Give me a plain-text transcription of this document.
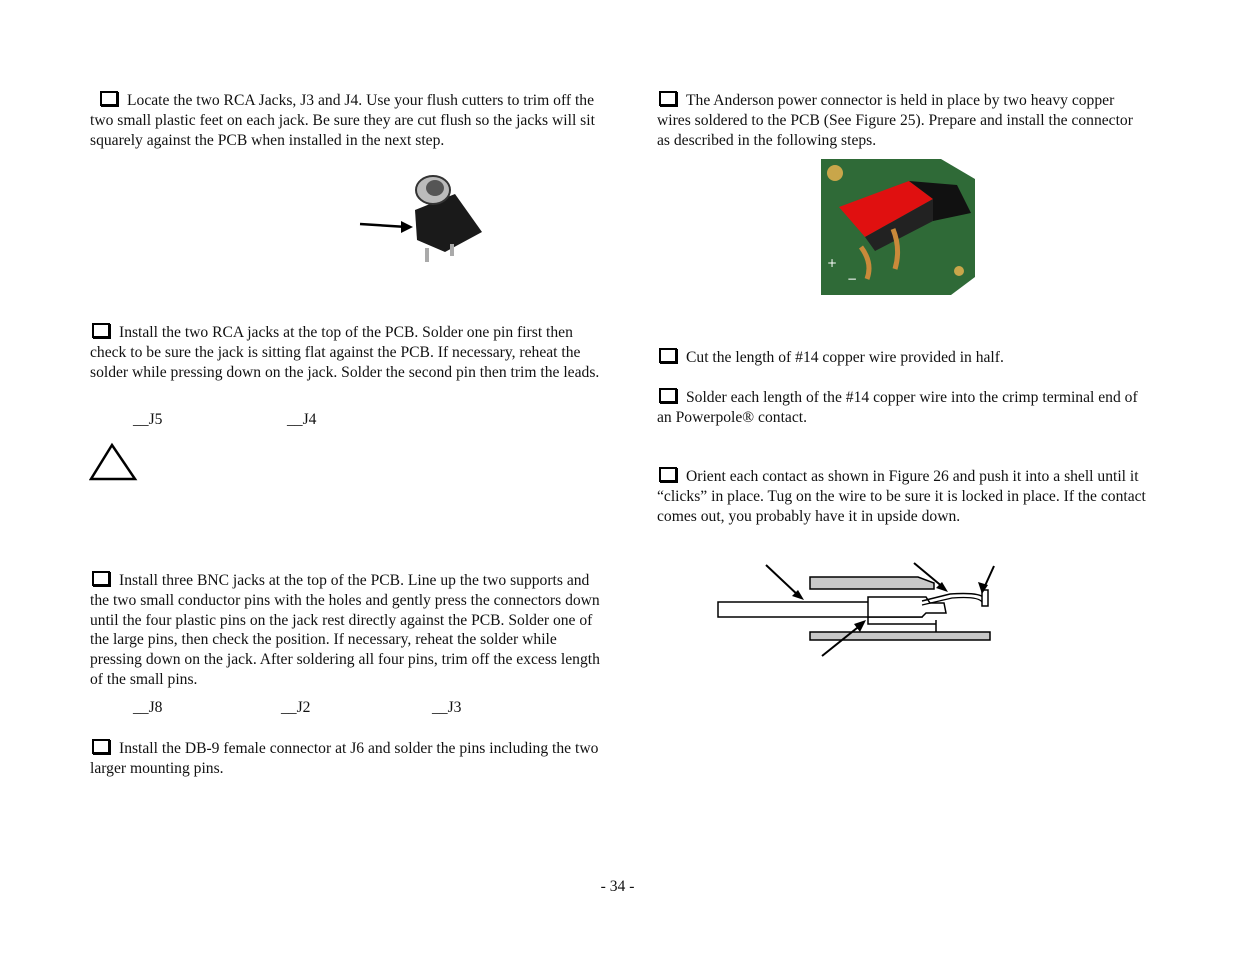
Locate the two RCA Jacks, J3 and J4. Use your flush cutters to trim off the two small plastic feet on each jack. Be sure they are cut flush so the jacks will sit squarely against the PCB when installed in the next step.

Install the two RCA jacks at the top of the PCB. Solder one pin first then check to be sure the jack is sitting flat against the PCB. If necessary, reheat the solder while pressing down on the jack. Solder the second pin then trim the leads.

__J5	__J4

Install three BNC jacks at the top of the PCB. Line up the two supports and the two small conductor pins with the holes and gently press the connectors down until the four plastic pins on the jack rest directly against the PCB. Solder one of the large pins, then check the position. If necessary, reheat the solder while pressing down on the jack. After soldering all four pins, trim off the excess length of the small pins.

__J8	__J2	__J3

Install the DB-9 female connector at J6 and solder the pins including the two larger mounting pins.

The Anderson power connector is held in place by two heavy copper wires soldered to the PCB (See Figure 25). Prepare and install the connector as described in the following steps.

+
−

Cut the length of #14 copper wire provided in half.

Solder each length of the #14 copper wire into the crimp terminal end of an Powerpole® contact.

Orient each contact as shown in Figure 26 and push it into a shell until it “clicks” in place. Tug on the wire to be sure it is locked in place. If the contact comes out, you probably have it in upside down.

- 34 -
